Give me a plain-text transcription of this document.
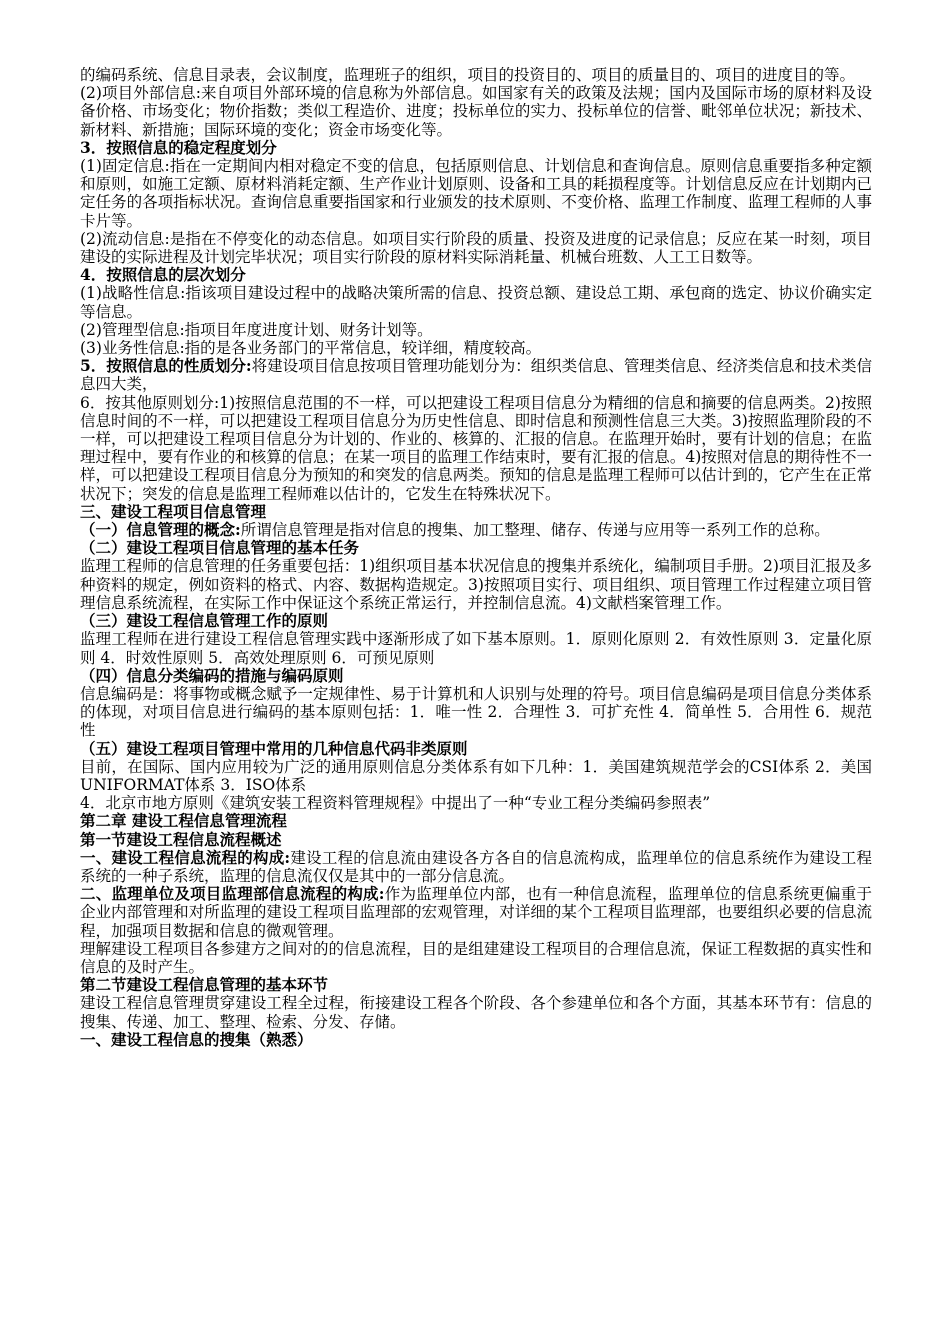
的编码系统、信息目录表，会议制度，监理班子的组织，项目的投资目的、项目的质量目的、项目的进度目的等。

(2)项目外部信息:来自项目外部环境的信息称为外部信息。如国家有关的政策及法规；国内及国际市场的原材料及设备价格、市场变化；物价指数；类似工程造价、进度；投标单位的实力、投标单位的信誉、毗邻单位状况；新技术、新材料、新措施；国际环境的变化；资金市场变化等。

3．按照信息的稳定程度划分

(1)固定信息:指在一定期间内相对稳定不变的信息，包括原则信息、计划信息和查询信息。原则信息重要指多种定额和原则，如施工定额、原材料消耗定额、生产作业计划原则、设备和工具的耗损程度等。计划信息反应在计划期内已定任务的各项指标状况。查询信息重要指国家和行业颁发的技术原则、不变价格、监理工作制度、监理工程师的人事卡片等。

(2)流动信息:是指在不停变化的动态信息。如项目实行阶段的质量、投资及进度的记录信息；反应在某一时刻，项目建设的实际进程及计划完毕状况；项目实行阶段的原材料实际消耗量、机械台班数、人工工日数等。

4．按照信息的层次划分

(1)战略性信息:指该项目建设过程中的战略决策所需的信息、投资总额、建设总工期、承包商的选定、协议价确实定等信息。

(2)管理型信息:指项目年度进度计划、财务计划等。

(3)业务性信息:指的是各业务部门的平常信息，较详细，精度较高。

5．按照信息的性质划分:将建设项目信息按项目管理功能划分为：组织类信息、管理类信息、经济类信息和技术类信息四大类，

6．按其他原则划分:1)按照信息范围的不一样，可以把建设工程项目信息分为精细的信息和摘要的信息两类。2)按照信息时间的不一样，可以把建设工程项目信息分为历史性信息、即时信息和预测性信息三大类。3)按照监理阶段的不一样，可以把建设工程项目信息分为计划的、作业的、核算的、汇报的信息。在监理开始时，要有计划的信息；在监理过程中，要有作业的和核算的信息；在某一项目的监理工作结束时，要有汇报的信息。4)按照对信息的期待性不一样，可以把建设工程项目信息分为预知的和突发的信息两类。预知的信息是监理工程师可以估计到的，它产生在正常状况下；突发的信息是监理工程师难以估计的，它发生在特殊状况下。

三、建设工程项目信息管理

（一）信息管理的概念:所谓信息管理是指对信息的搜集、加工整理、储存、传递与应用等一系列工作的总称。

（二）建设工程项目信息管理的基本任务

监理工程师的信息管理的任务重要包括：1)组织项目基本状况信息的搜集并系统化，编制项目手册。2)项目汇报及多种资料的规定，例如资料的格式、内容、数据构造规定。3)按照项目实行、项目组织、项目管理工作过程建立项目管理信息系统流程，在实际工作中保证这个系统正常运行，并控制信息流。4)文献档案管理工作。

（三）建设工程信息管理工作的原则

监理工程师在进行建设工程信息管理实践中逐渐形成了如下基本原则。1．原则化原则 2．有效性原则 3．定量化原则 4．时效性原则 5．高效处理原则 6．可预见原则

（四）信息分类编码的措施与编码原则

信息编码是：将事物或概念赋予一定规律性、易于计算机和人识别与处理的符号。项目信息编码是项目信息分类体系的体现，对项目信息进行编码的基本原则包括：1．唯一性 2．合理性 3．可扩充性 4．简单性 5．合用性 6．规范性

（五）建设工程项目管理中常用的几种信息代码非类原则

目前，在国际、国内应用较为广泛的通用原则信息分类体系有如下几种：1．美国建筑规范学会的CSI体系 2．美国UNIFORMAT体系 3．ISO体系

4．北京市地方原则《建筑安装工程资料管理规程》中提出了一种“专业工程分类编码参照表”

第二章 建设工程信息管理流程

第一节建设工程信息流程概述

一、建设工程信息流程的构成:建设工程的信息流由建设各方各自的信息流构成，监理单位的信息系统作为建设工程系统的一种子系统，监理的信息流仅仅是其中的一部分信息流。

二、监理单位及项目监理部信息流程的构成:作为监理单位内部，也有一种信息流程，监理单位的信息系统更偏重于企业内部管理和对所监理的建设工程项目监理部的宏观管理，对详细的某个工程项目监理部，也要组织必要的信息流程，加强项目数据和信息的微观管理。

理解建设工程项目各参建方之间对的的信息流程，目的是组建建设工程项目的合理信息流，保证工程数据的真实性和信息的及时产生。

第二节建设工程信息管理的基本环节

建设工程信息管理贯穿建设工程全过程，衔接建设工程各个阶段、各个参建单位和各个方面，其基本环节有：信息的搜集、传递、加工、整理、检索、分发、存储。

一、建设工程信息的搜集（熟悉）
